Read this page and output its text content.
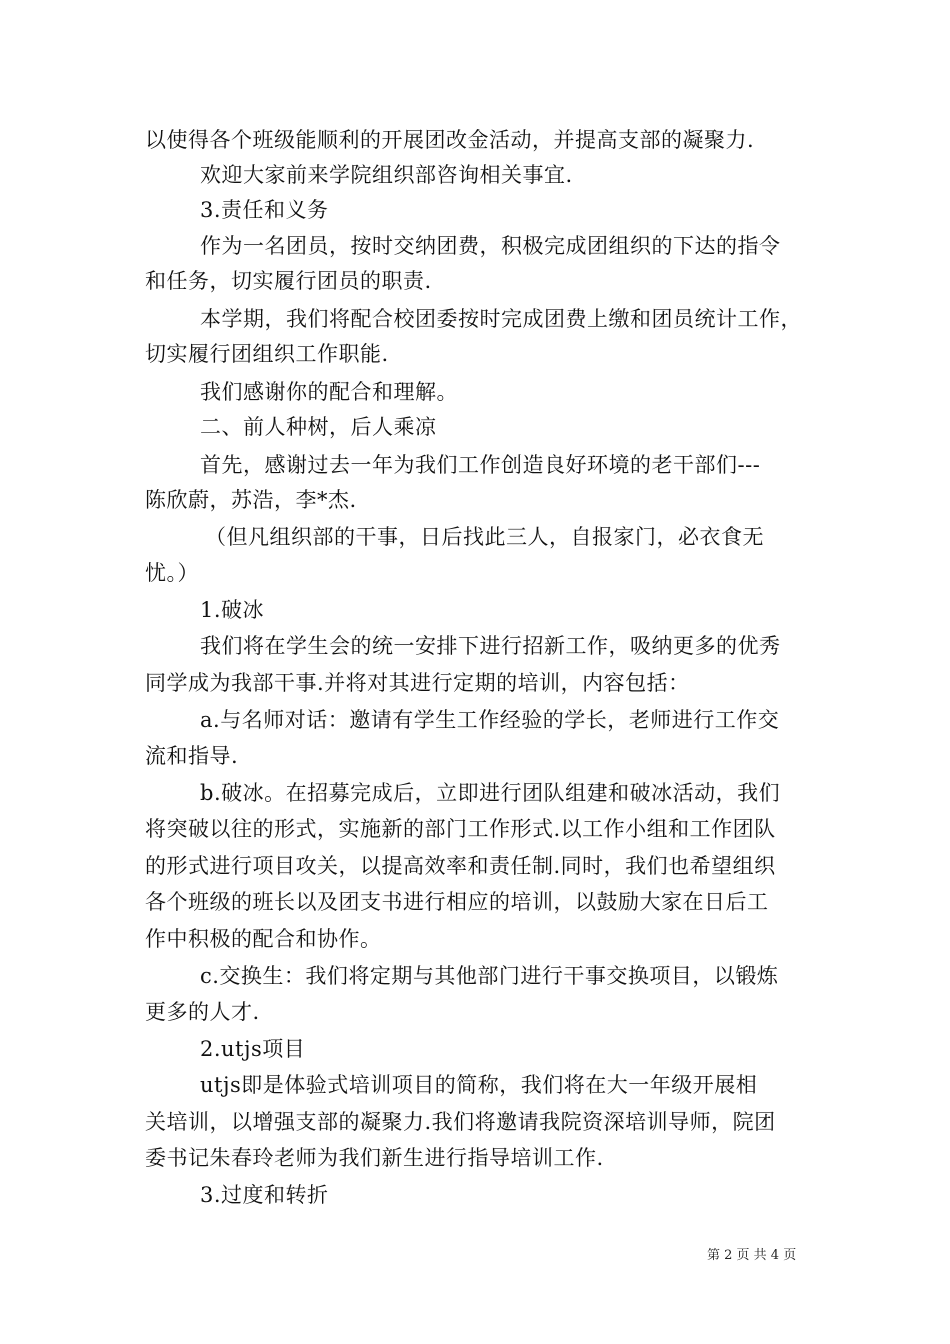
以使得各个班级能顺利的开展团改金活动，并提高支部的凝聚力.
欢迎大家前来学院组织部咨询相关事宜.
3.责任和义务
作为一名团员，按时交纳团费，积极完成团组织的下达的指令
和任务，切实履行团员的职责.
本学期，我们将配合校团委按时完成团费上缴和团员统计工作，
切实履行团组织工作职能.
我们感谢你的配合和理解。
二、前人种树，后人乘凉
首先，感谢过去一年为我们工作创造良好环境的老干部们---
陈欣蔚，苏浩，李*杰.
（但凡组织部的干事，日后找此三人，自报家门，必衣食无
忧。）
1.破冰
我们将在学生会的统一安排下进行招新工作，吸纳更多的优秀
同学成为我部干事.并将对其进行定期的培训，内容包括：
a.与名师对话：邀请有学生工作经验的学长，老师进行工作交
流和指导.
b.破冰。在招募完成后，立即进行团队组建和破冰活动，我们
将突破以往的形式，实施新的部门工作形式.以工作小组和工作团队
的形式进行项目攻关，以提高效率和责任制.同时，我们也希望组织
各个班级的班长以及团支书进行相应的培训，以鼓励大家在日后工
作中积极的配合和协作。
c.交换生：我们将定期与其他部门进行干事交换项目，以锻炼
更多的人才.
2.utjs项目
utjs即是体验式培训项目的简称，我们将在大一年级开展相
关培训，以增强支部的凝聚力.我们将邀请我院资深培训导师，院团
委书记朱春玲老师为我们新生进行指导培训工作.
3.过度和转折
第 2 页 共 4 页
